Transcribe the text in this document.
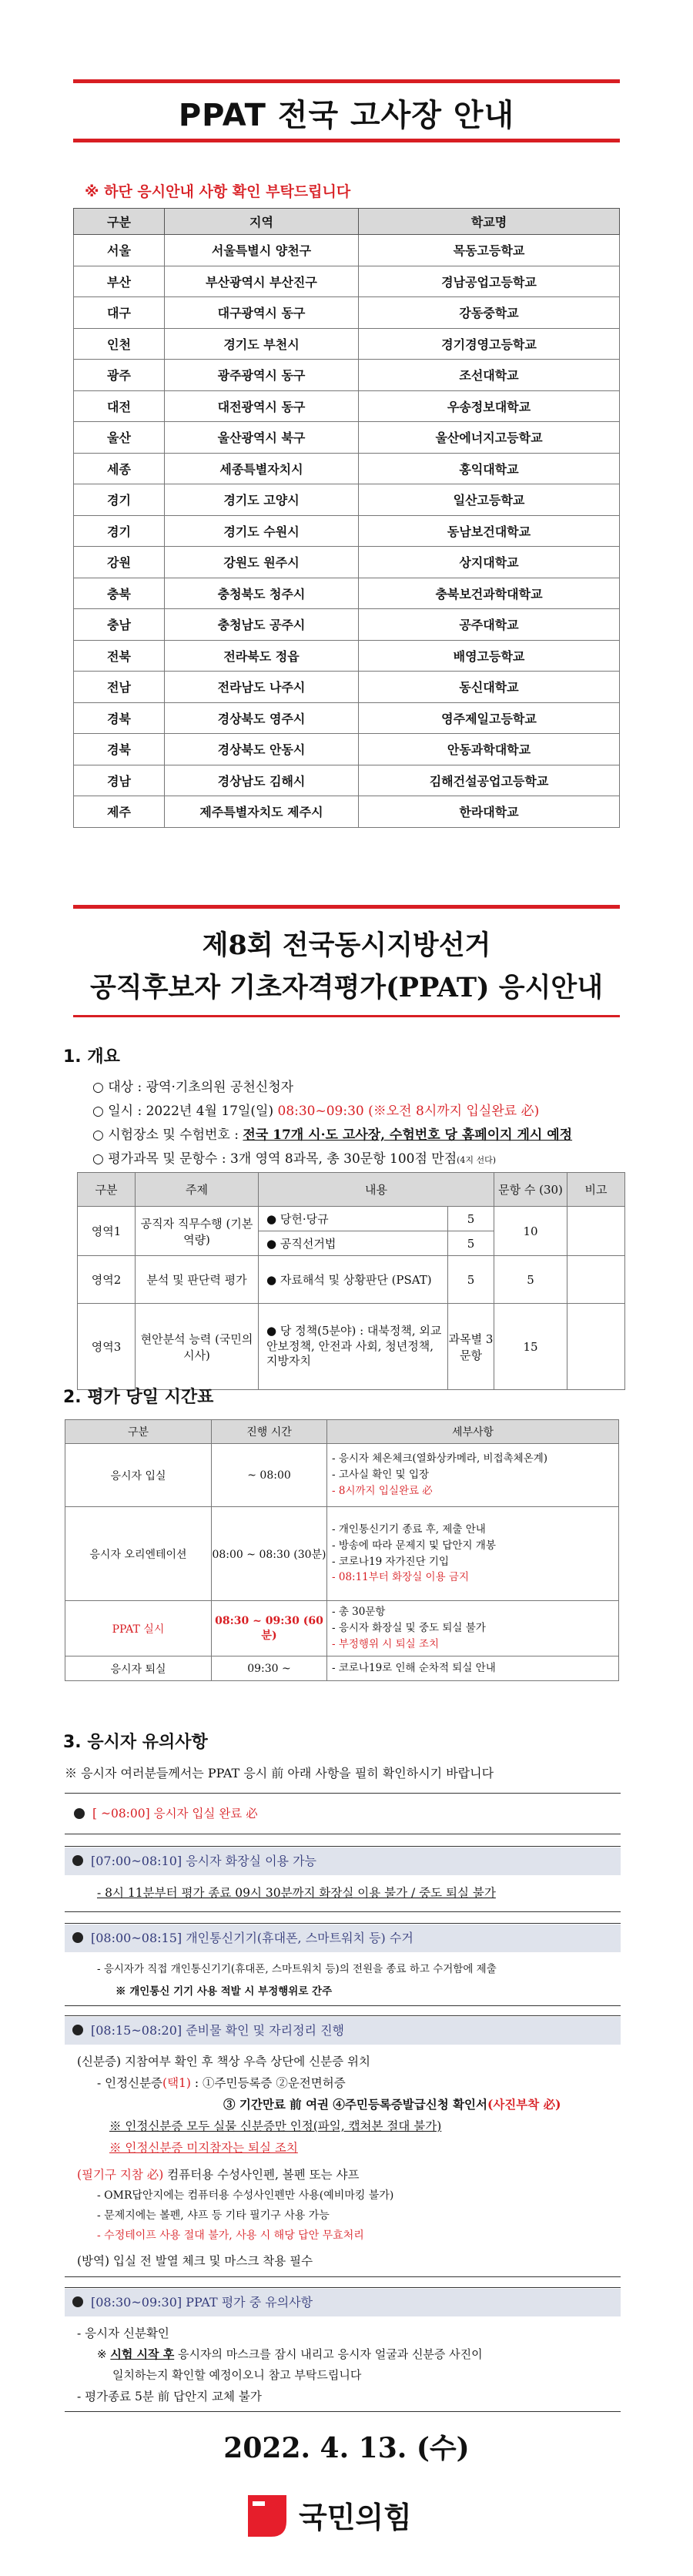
PPAT 전국 고사장 안내
※ 하단 응시안내 사항 확인 부탁드립니다
구분	지역	학교명
서울	서울특별시 양천구	목동고등학교
부산	부산광역시 부산진구	경남공업고등학교
대구	대구광역시 동구	강동중학교
인천	경기도 부천시	경기경영고등학교
광주	광주광역시 동구	조선대학교
대전	대전광역시 동구	우송정보대학교
울산	울산광역시 북구	울산에너지고등학교
세종	세종특별자치시	홍익대학교
경기	경기도 고양시	일산고등학교
경기	경기도 수원시	동남보건대학교
강원	강원도 원주시	상지대학교
충북	충청북도 청주시	충북보건과학대학교
충남	충청남도 공주시	공주대학교
전북	전라북도 정읍	배영고등학교
전남	전라남도 나주시	동신대학교
경북	경상북도 영주시	영주제일고등학교
경북	경상북도 안동시	안동과학대학교
경남	경상남도 김해시	김해건설공업고등학교
제주	제주특별자치도 제주시	한라대학교
제8회 전국동시지방선거
공직후보자 기초자격평가(PPAT) 응시안내
1. 개요
○ 대상 : 광역·기초의원 공천신청자
○ 일시 : 2022년 4월 17일(일) 08:30~09:30 (※오전 8시까지 입실완료 必)
○ 시험장소 및 수험번호 : 전국 17개 시·도 고사장, 수험번호 당 홈페이지 게시 예정
○ 평가과목 및 문항수 : 3개 영역 8과목, 총 30문항 100점 만점(4지 선다)
구분	주제	내용		문항 수 (30)	비고
영역1	공직자 직무수행 (기본 역량)	● 당헌·당규	5	10	
		● 공직선거법	5		
영역2	분석 및 판단력 평가	● 자료해석 및 상황판단 (PSAT)	5	5	
영역3	현안분석 능력 (국민의 시사)	● 당 정책(5분야) : 대북정책, 외교안보정책, 안전과 사회, 청년정책, 지방자치	과목별 3문항	15	
2. 평가 당일 시간표
구분	진행 시간	세부사항
응시자 입실	~ 08:00	- 응시자 체온체크(열화상카메라, 비접촉체온계)
- 고사실 확인 및 입장
- 8시까지 입실완료 必

응시자 오리엔테이션	08:00 ~ 08:30 (30분)	- 개인통신기기 종료 후, 제출 안내
- 방송에 따라 문제지 및 답안지 개봉
- 코로나19 자가진단 기입
- 08:11부터 화장실 이용 금지

PPAT 실시	08:30 ~ 09:30 (60분)	- 총 30문항
- 응시자 화장실 및 중도 퇴실 불가
- 부정행위 시 퇴실 조치

응시자 퇴실	09:30 ~	- 코로나19로 인해 순차적 퇴실 안내
3. 응시자 유의사항
※ 응시자 여러분들께서는 PPAT 응시 前 아래 사항을 필히 확인하시기 바랍니다
[ ~08:00] 응시자 입실 완료 必
[07:00~08:10] 응시자 화장실 이용 가능
- 8시 11분부터 평가 종료 09시 30분까지 화장실 이용 불가 / 중도 퇴실 불가
[08:00~08:15] 개인통신기기(휴대폰, 스마트워치 등) 수거
- 응시자가 직접 개인통신기기(휴대폰, 스마트워치 등)의 전원을 종료 하고 수거함에 제출
※ 개인통신 기기 사용 적발 시 부정행위로 간주
[08:15~08:20] 준비물 확인 및 자리정리 진행
(신분증) 지참여부 확인 후 책상 우측 상단에 신분증 위치
- 인정신분증(택1) : ①주민등록증 ②운전면허증
③ 기간만료 前 여권 ④주민등록증발급신청 확인서(사진부착 必)
※ 인정신분증 모두 실물 신분증만 인정(파일, 캡쳐본 절대 불가)
※ 인정신분증 미지참자는 퇴실 조치
(필기구 지참 必) 컴퓨터용 수성사인펜, 볼펜 또는 샤프
- OMR답안지에는 컴퓨터용 수성사인펜만 사용(예비마킹 불가)
- 문제지에는 볼펜, 샤프 등 기타 필기구 사용 가능
- 수정테이프 사용 절대 불가, 사용 시 해당 답안 무효처리
(방역) 입실 전 발열 체크 및 마스크 착용 필수
[08:30~09:30] PPAT 평가 중 유의사항
- 응시자 신분확인
※ 시험 시작 후 응시자의 마스크를 잠시 내리고 응시자 얼굴과 신분증 사진이
일치하는지 확인할 예정이오니 참고 부탁드립니다
- 평가종료 5분 前 답안지 교체 불가
2022. 4. 13. (수)
국민의힘
